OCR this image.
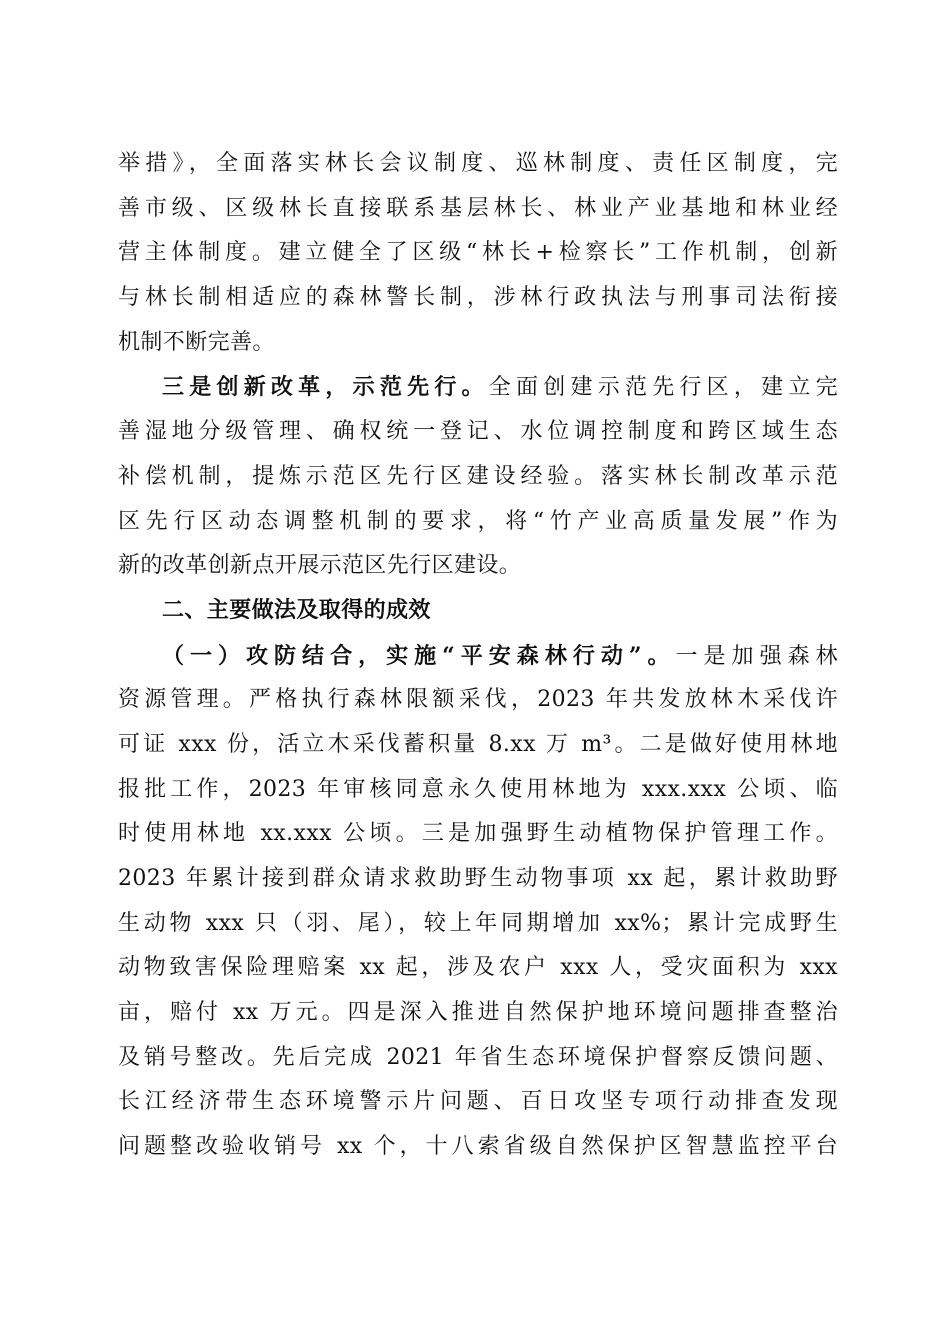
举措》，全面落实林长会议制度、巡林制度、责任区制度，完
善市级、区级林长直接联系基层林长、林业产业基地和林业经
营主体制度。建立健全了区级“林长+检察长”工作机制，创新
与林长制相适应的森林警长制，涉林行政执法与刑事司法衔接
机制不断完善。
三是创新改革，示范先行。全面创建示范先行区，建立完
善湿地分级管理、确权统一登记、水位调控制度和跨区域生态
补偿机制，提炼示范区先行区建设经验。落实林长制改革示范
区先行区动态调整机制的要求，将“竹产业高质量发展”作为
新的改革创新点开展示范区先行区建设。
二、主要做法及取得的成效
（一）攻防结合，实施“平安森林行动”。一是加强森林
资源管理。严格执行森林限额采伐，2023 年共发放林木采伐许
可证 xxx 份，活立木采伐蓄积量 8.xx 万 m³。二是做好使用林地
报批工作，2023 年审核同意永久使用林地为 xxx.xxx 公顷、临
时使用林地 xx.xxx 公顷。三是加强野生动植物保护管理工作。
2023 年累计接到群众请求救助野生动物事项 xx 起，累计救助野
生动物 xxx 只（羽、尾），较上年同期增加 xx%；累计完成野生
动物致害保险理赔案 xx 起，涉及农户 xxx 人，受灾面积为 xxx
亩，赔付 xx 万元。四是深入推进自然保护地环境问题排查整治
及销号整改。先后完成 2021 年省生态环境保护督察反馈问题、
长江经济带生态环境警示片问题、百日攻坚专项行动排查发现
问题整改验收销号 xx 个，十八索省级自然保护区智慧监控平台
